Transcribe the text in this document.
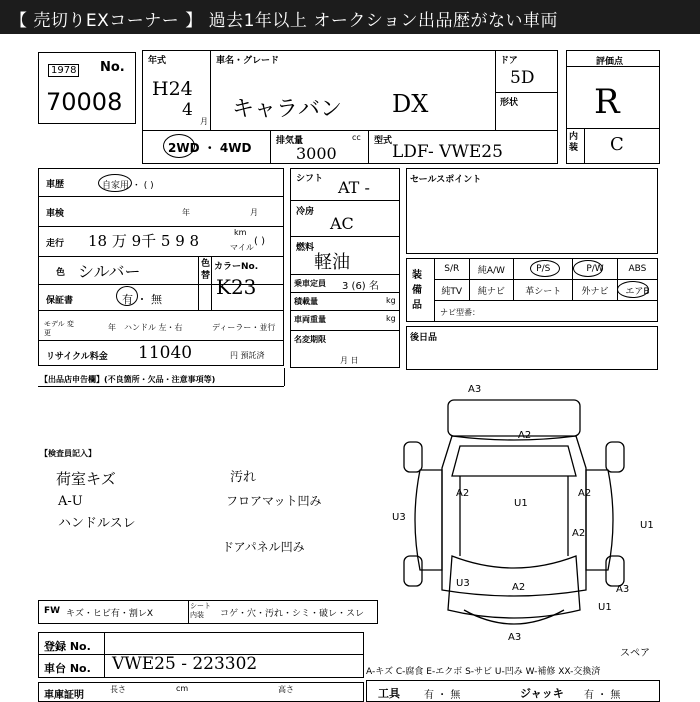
【 売切りEXコーナー 】 過去1年以上 オークション出品歴がない車両
1978 No.
70008
年式
H24
4
月
車名・グレード
キャラバン DX
ドア
5D
形状
2WD ・ 4WD	排気量	cc
3000
型式
LDF- VWE25
評価点
R
内装 C
車歴	自家用 ・ ( )
車検	年	月
走行 18 万 9千 5 9 8	km
マイル
( )
色 シルバー	色替
カラーNo.
K23
保証書	有 ・ 無
モデル 変更
年 ハンドル 左・右	ディーラー・並行
リサイクル料金 11040	円 預託済
シフト AT -
冷房
AC
燃料
軽油
乗車定員 3 (6) 名
積載量	kg
車両重量	kg
名変期限
月 日
セールスポイント
装備品
S/R	純A/W	P/S	P/W	ABS
純TV	純ナビ	革シート	外ナビ	エアB
ナビ型番：
後日品
【出品店申告欄】(不良箇所・欠品・注意事項等)
【検査員記入】
荷室キズ
A-U
ハンドルスレ
汚れ
フロアマット凹み
ドアパネル凹み
A3
A2
U1
A2	A2
U3
A2
U3	A2	A3
A3
U1
U1
スペア
FW キズ・ヒビ有・割レX
シート内装	コゲ・穴・汚れ・シミ・破レ・スレ
登録 No.
車台 No. VWE25 - 223302	A-キズ C-腐食 E-エクボ S-サビ U-凹み W-補修 XX-交換済
車庫証明
長さ	cm	高さ	工具 有 ・ 無	ジャッキ 有 ・ 無
